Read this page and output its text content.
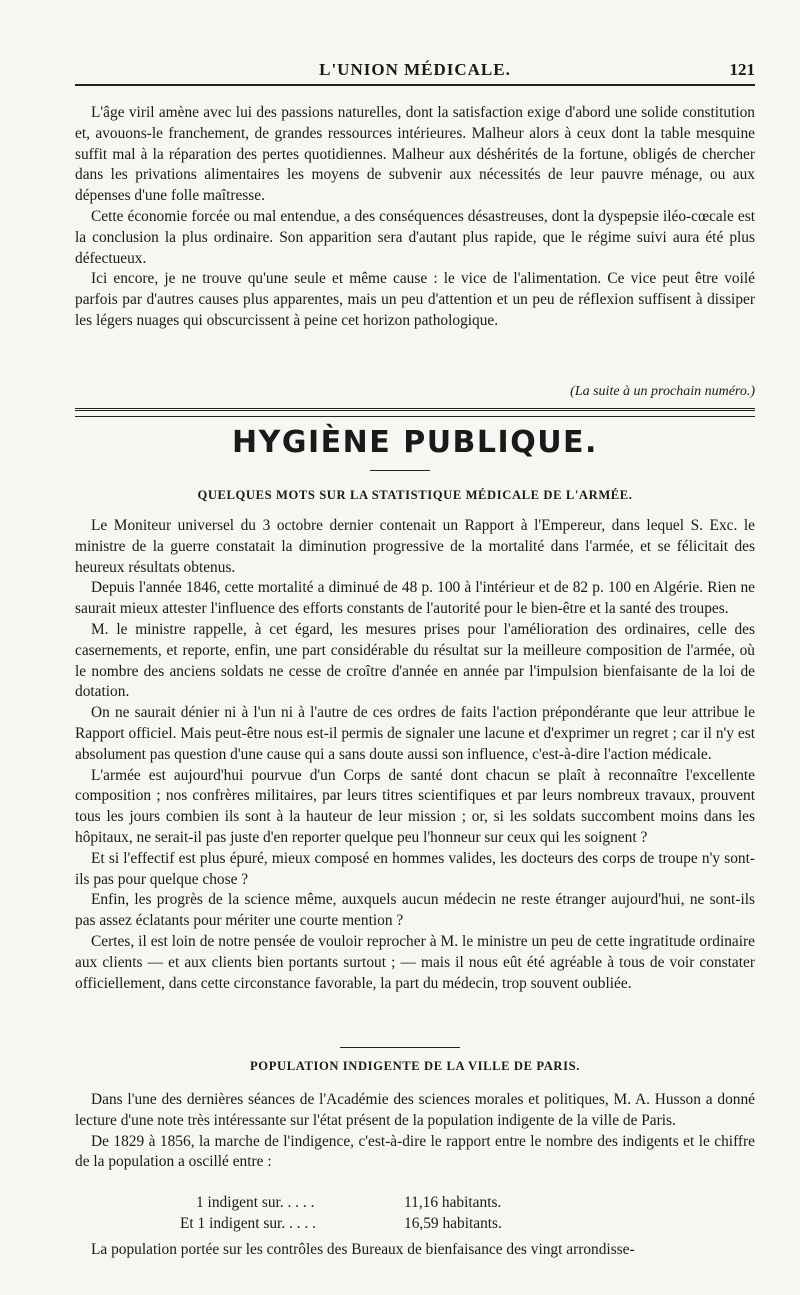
L'UNION MÉDICALE.	121

L'âge viril amène avec lui des passions naturelles, dont la satisfaction exige d'abord une solide constitution et, avouons-le franchement, de grandes ressources intérieures. Malheur alors à ceux dont la table mesquine suffit mal à la réparation des pertes quotidiennes. Malheur aux déshérités de la fortune, obligés de chercher dans les privations alimentaires les moyens de subvenir aux nécessités de leur pauvre ménage, ou aux dépenses d'une folle maîtresse.

Cette économie forcée ou mal entendue, a des conséquences désastreuses, dont la dyspepsie iléo-cœcale est la conclusion la plus ordinaire. Son apparition sera d'autant plus rapide, que le régime suivi aura été plus défectueux.

Ici encore, je ne trouve qu'une seule et même cause : le vice de l'alimentation. Ce vice peut être voilé parfois par d'autres causes plus apparentes, mais un peu d'attention et un peu de réflexion suffisent à dissiper les légers nuages qui obscurcissent à peine cet horizon pathologique.

(La suite à un prochain numéro.)
HYGIÈNE PUBLIQUE.
QUELQUES MOTS SUR LA STATISTIQUE MÉDICALE DE L'ARMÉE.

Le Moniteur universel du 3 octobre dernier contenait un Rapport à l'Empereur, dans lequel S. Exc. le ministre de la guerre constatait la diminution progressive de la mortalité dans l'armée, et se félicitait des heureux résultats obtenus.

Depuis l'année 1846, cette mortalité a diminué de 48 p. 100 à l'intérieur et de 82 p. 100 en Algérie. Rien ne saurait mieux attester l'influence des efforts constants de l'autorité pour le bien-être et la santé des troupes.

M. le ministre rappelle, à cet égard, les mesures prises pour l'amélioration des ordinaires, celle des casernements, et reporte, enfin, une part considérable du résultat sur la meilleure composition de l'armée, où le nombre des anciens soldats ne cesse de croître d'année en année par l'impulsion bienfaisante de la loi de dotation.

On ne saurait dénier ni à l'un ni à l'autre de ces ordres de faits l'action prépondérante que leur attribue le Rapport officiel. Mais peut-être nous est-il permis de signaler une lacune et d'exprimer un regret ; car il n'y est absolument pas question d'une cause qui a sans doute aussi son influence, c'est-à-dire l'action médicale.

L'armée est aujourd'hui pourvue d'un Corps de santé dont chacun se plaît à reconnaître l'excellente composition ; nos confrères militaires, par leurs titres scientifiques et par leurs nombreux travaux, prouvent tous les jours combien ils sont à la hauteur de leur mission ; or, si les soldats succombent moins dans les hôpitaux, ne serait-il pas juste d'en reporter quelque peu l'honneur sur ceux qui les soignent ?

Et si l'effectif est plus épuré, mieux composé en hommes valides, les docteurs des corps de troupe n'y sont-ils pas pour quelque chose ?

Enfin, les progrès de la science même, auxquels aucun médecin ne reste étranger aujourd'hui, ne sont-ils pas assez éclatants pour mériter une courte mention ?

Certes, il est loin de notre pensée de vouloir reprocher à M. le ministre un peu de cette ingratitude ordinaire aux clients — et aux clients bien portants surtout ; — mais il nous eût été agréable à tous de voir constater officiellement, dans cette circonstance favorable, la part du médecin, trop souvent oubliée.

POPULATION INDIGENTE DE LA VILLE DE PARIS.

Dans l'une des dernières séances de l'Académie des sciences morales et politiques, M. A. Husson a donné lecture d'une note très intéressante sur l'état présent de la population indigente de la ville de Paris.

De 1829 à 1856, la marche de l'indigence, c'est-à-dire le rapport entre le nombre des indigents et le chiffre de la population a oscillé entre :

1 indigent sur. . . . .	11,16 habitants.
Et 1 indigent sur. . . . .	16,59 habitants.

La population portée sur les contrôles des Bureaux de bienfaisance des vingt arrondisse-
